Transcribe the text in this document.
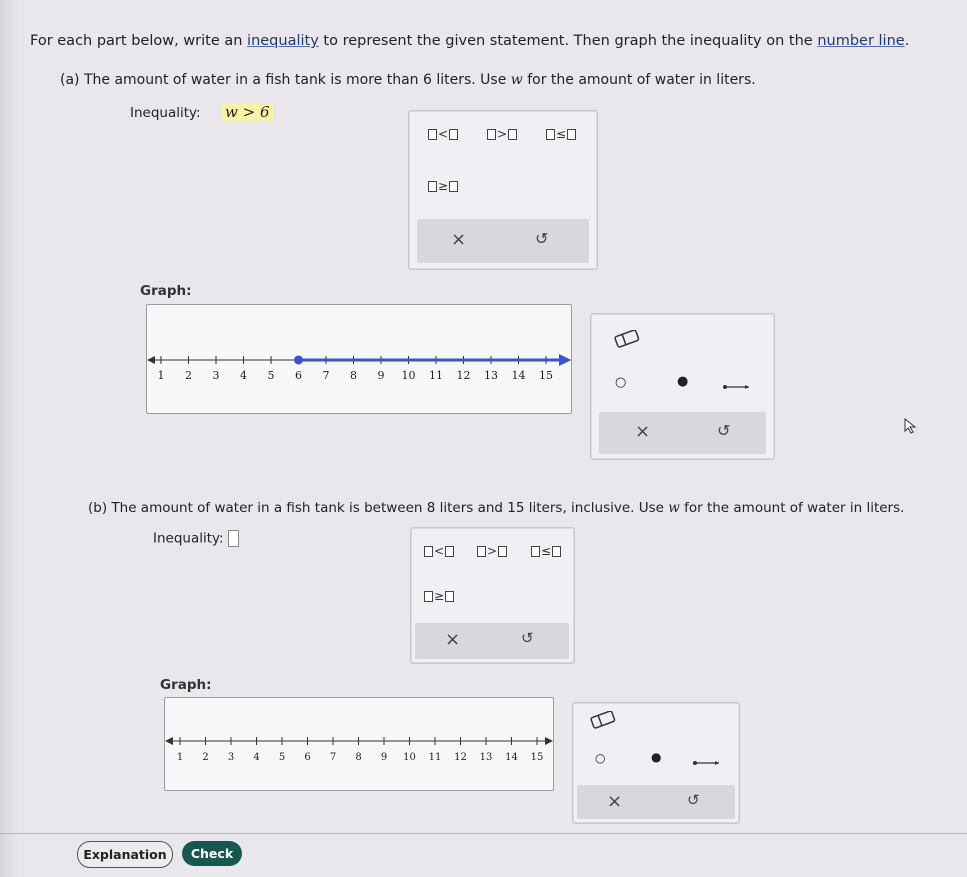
For each part below, write an inequality to represent the given statement. Then graph the inequality on the number line.
(a) The amount of water in a fish tank is more than 6 liters. Use w for the amount of water in liters.
Inequality: w > 6
<	>	≤
≥
×	↺
Graph:
1 2 3 4 5 6 7 8 9 10 11 12 13 14 15	○	●
×	↺
(b) The amount of water in a fish tank is between 8 liters and 15 liters, inclusive. Use w for the amount of water in liters.
Inequality:
<	>	≤
≥
×	↺
Graph:
1 2 3 4 5 6 7 8 9 10 11 12 13 14 15	○	●
×	↺
Explanation	Check
